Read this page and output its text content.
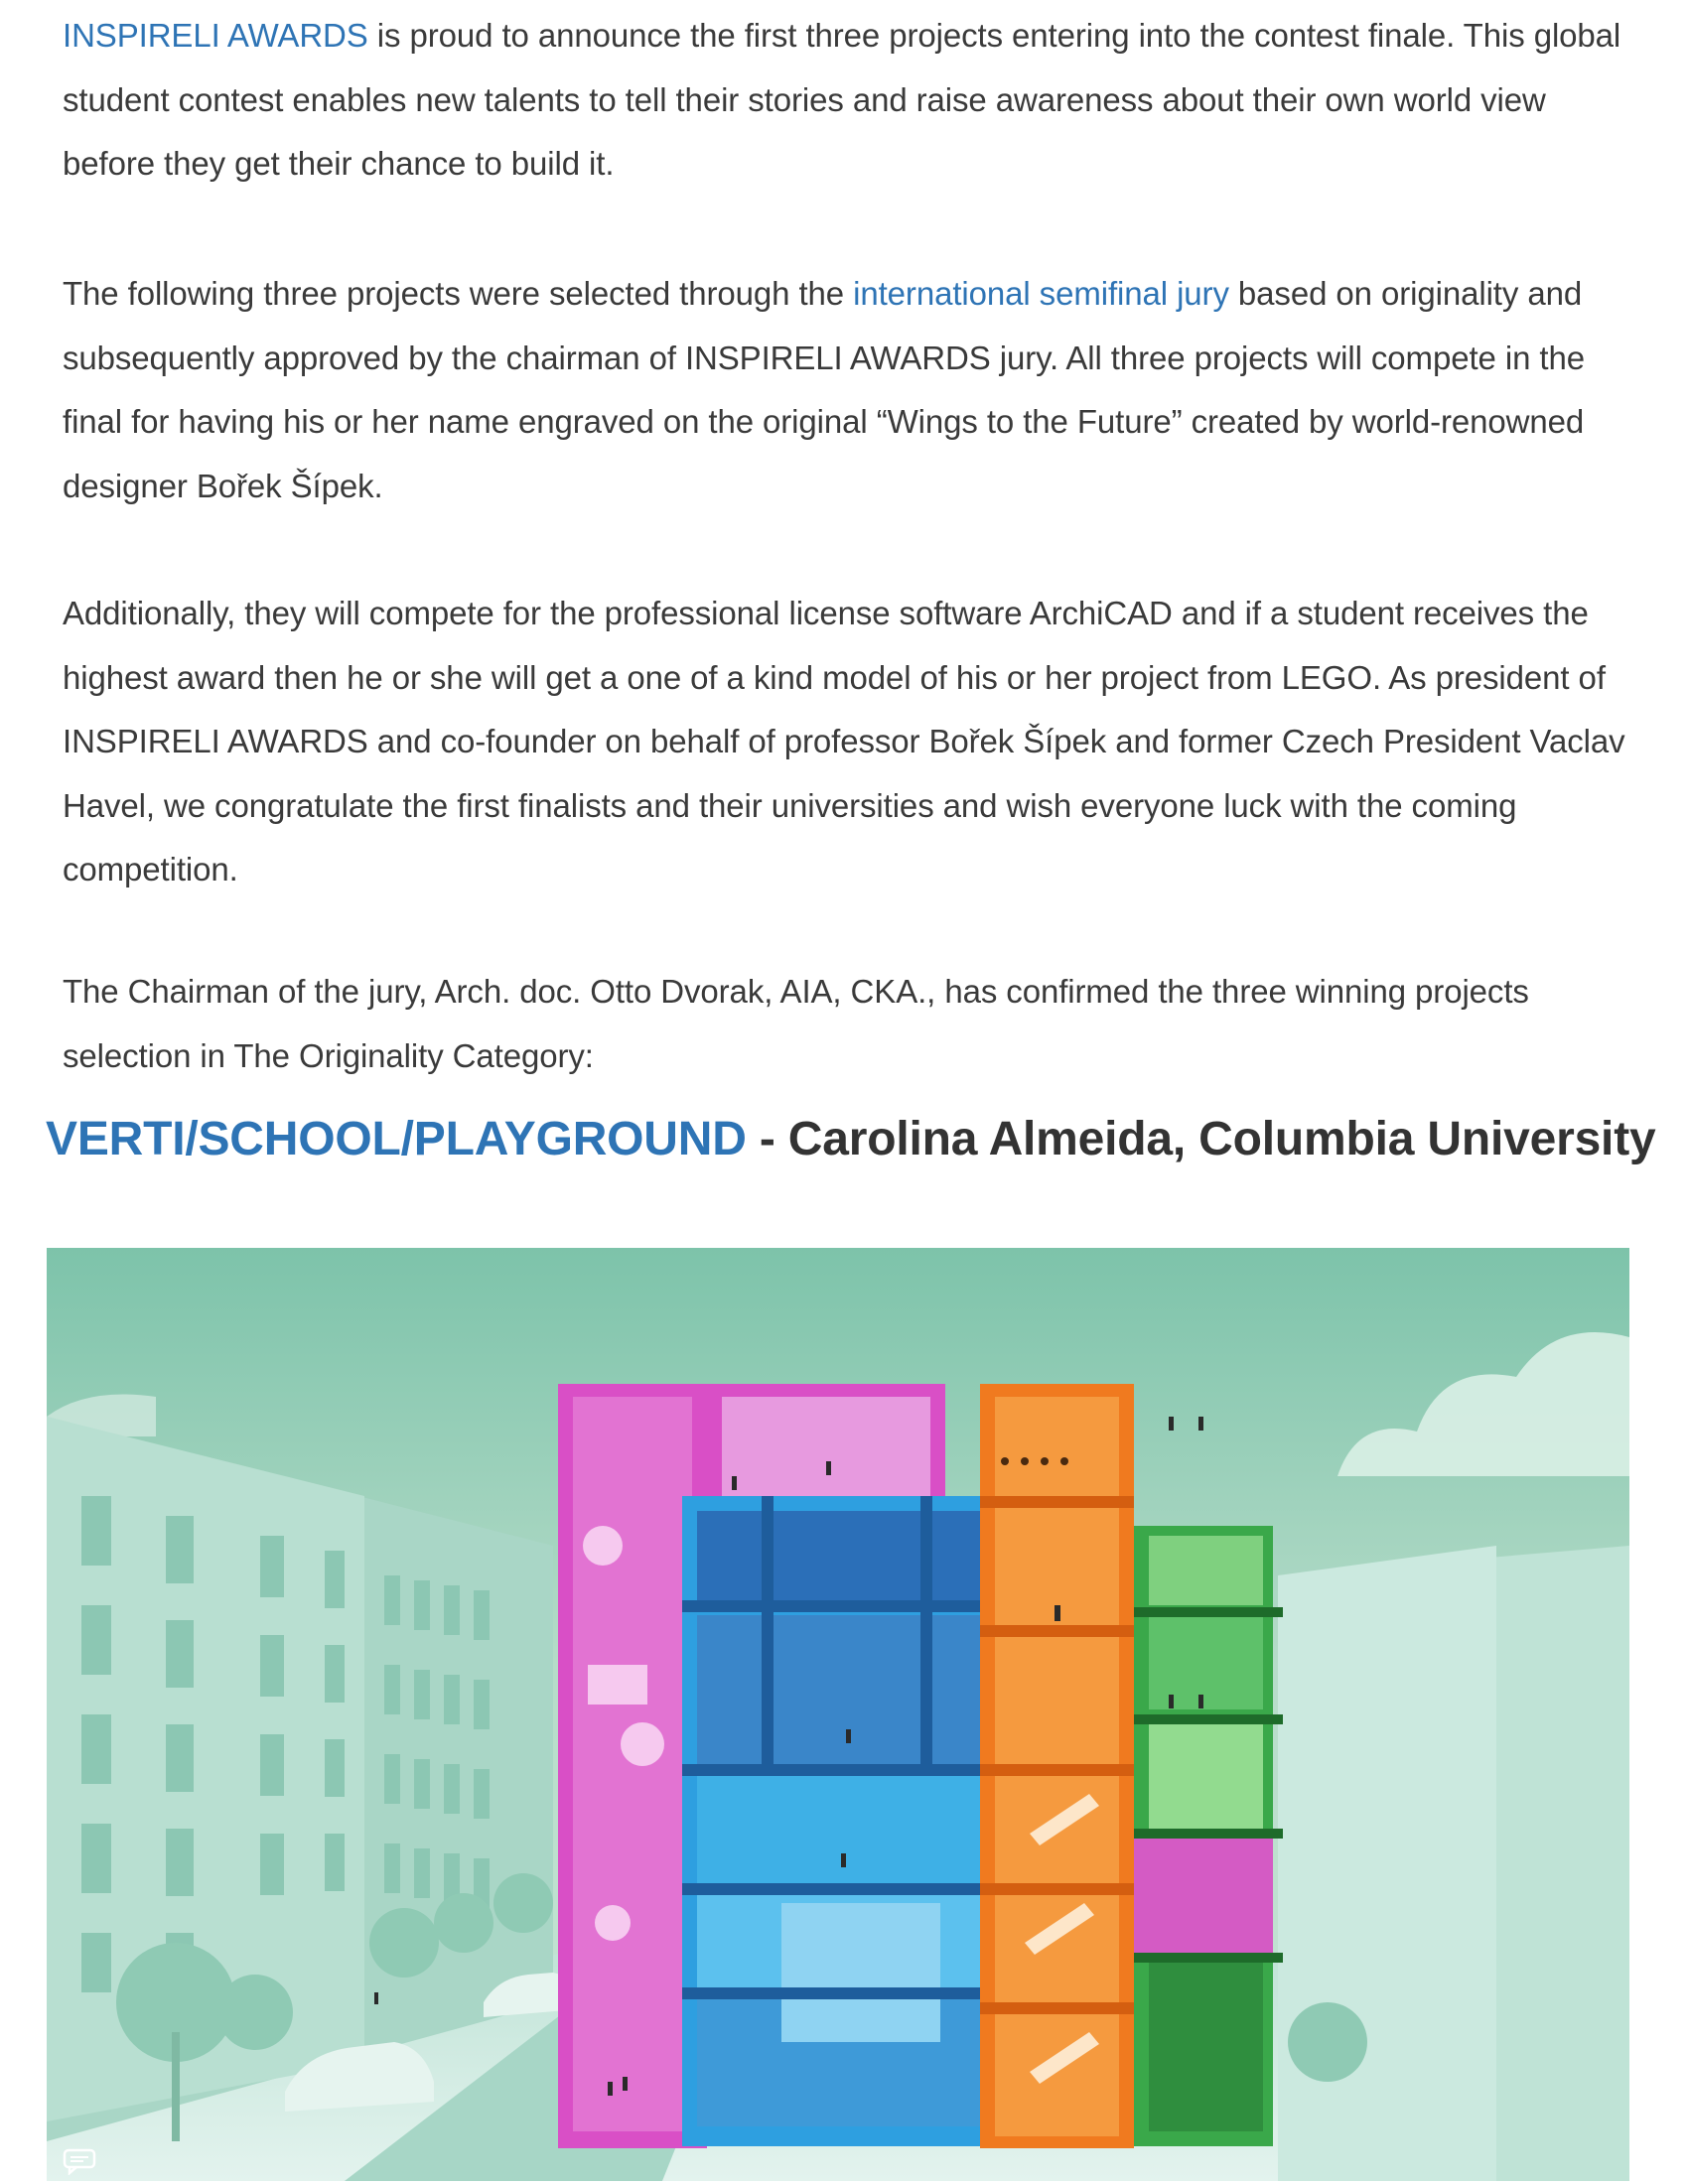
INSPIRELI AWARDS is proud to announce the first three projects entering into the contest finale. This global student contest enables new talents to tell their stories and raise awareness about their own world view before they get their chance to build it.

The following three projects were selected through the international semifinal jury based on originality and subsequently approved by the chairman of INSPIRELI AWARDS jury. All three projects will compete in the final for having his or her name engraved on the original “Wings to the Future” created by world-renowned designer Bořek Šípek.

Additionally, they will compete for the professional license software ArchiCAD and if a student receives the highest award then he or she will get a one of a kind model of his or her project from LEGO. As president of INSPIRELI AWARDS and co-founder on behalf of professor Bořek Šípek and former Czech President Vaclav Havel, we congratulate the first finalists and their universities and wish everyone luck with the coming competition.

The Chairman of the jury, Arch. doc. Otto Dvorak, AIA, CKA., has confirmed the three winning projects selection in The Originality Category:

VERTI/SCHOOL/PLAYGROUND - Carolina Almeida, Columbia University
